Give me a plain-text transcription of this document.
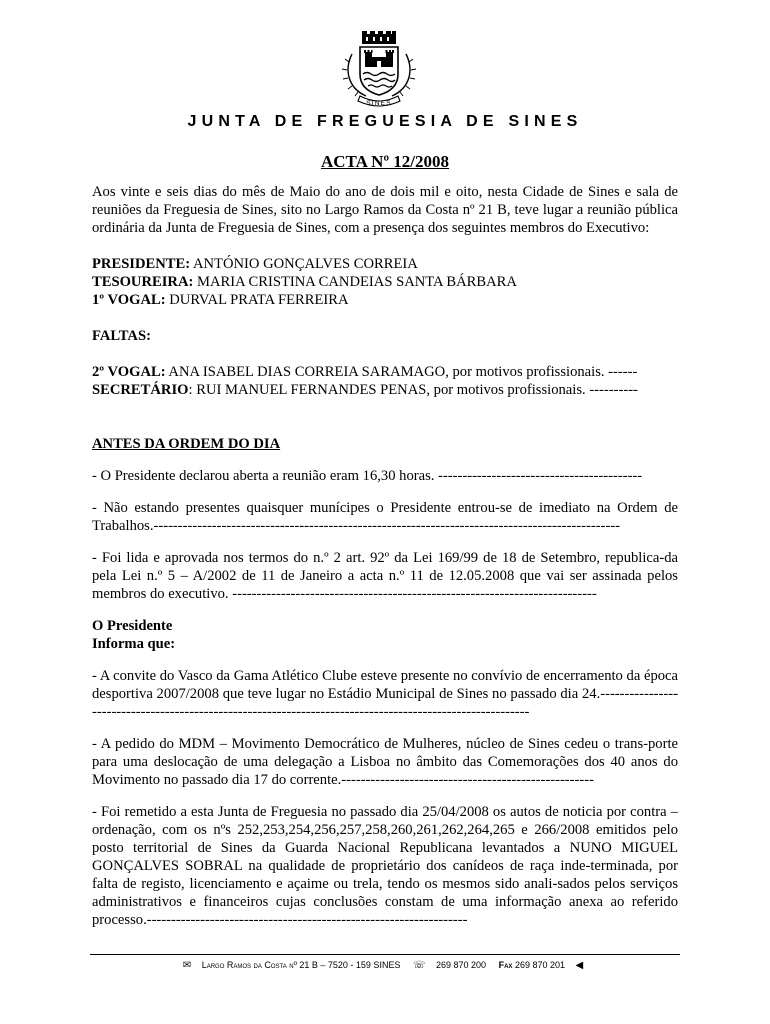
SINES
JUNTA DE FREGUESIA DE SINES
ACTA Nº 12/2008

Aos vinte e seis dias do mês de Maio do ano de dois mil e oito, nesta Cidade de Sines e sala de reuniões da Freguesia de Sines, sito no Largo Ramos da Costa nº 21 B, teve lugar a reunião pública ordinária da Junta de Freguesia de Sines, com a presença dos seguintes membros do Executivo:

PRESIDENTE: ANTÓNIO GONÇALVES CORREIA
TESOUREIRA: MARIA CRISTINA CANDEIAS SANTA BÁRBARA
1º VOGAL: DURVAL PRATA FERREIRA
FALTAS:
2º VOGAL: ANA ISABEL DIAS CORREIA SARAMAGO, por motivos profissionais. ------
SECRETÁRIO: RUI MANUEL FERNANDES PENAS, por motivos profissionais. ----------
ANTES DA ORDEM DO DIA

- O Presidente declarou aberta a reunião eram 16,30 horas. ------------------------------------------

- Não estando presentes quaisquer munícipes o Presidente entrou-se de imediato na Ordem de Trabalhos.------------------------------------------------------------------------------------------------

- Foi lida e aprovada nos termos do n.º 2 art. 92º da Lei 169/99 de 18 de Setembro, republica-da pela Lei n.º 5 – A/2002 de 11 de Janeiro a acta n.º 11 de 12.05.2008 que vai ser assinada pelos membros do executivo. ---------------------------------------------------------------------------

O Presidente
Informa que:

- A convite do Vasco da Gama Atlético Clube esteve presente no convívio de encerramento da época desportiva 2007/2008 que teve lugar no Estádio Municipal de Sines no passado dia 24.----------------------------------------------------------------------------------------------------------

- A pedido do MDM – Movimento Democrático de Mulheres, núcleo de Sines cedeu o trans-porte para uma deslocação de uma delegação a Lisboa no âmbito das Comemorações dos 40 anos do Movimento no passado dia 17 do corrente.----------------------------------------------------

- Foi remetido a esta Junta de Freguesia no passado dia 25/04/2008 os autos de noticia por contra – ordenação, com os nºs 252,253,254,256,257,258,260,261,262,264,265 e 266/2008 emitidos pelo posto territorial de Sines da Guarda Nacional Republicana levantados a NUNO MIGUEL GONÇALVES SOBRAL na qualidade de proprietário dos canídeos de raça inde-terminada, por falta de registo, licenciamento e açaime ou trela, tendo os mesmos sido anali-sados pelos serviços administrativos e financeiros cujas conclusões constam de uma informação anexa ao referido processo.------------------------------------------------------------------

✉ Largo Ramos da Costa nº 21 B – 7520 - 159 SINES ☏ 269 870 200 Fax 269 870 201 ◀
